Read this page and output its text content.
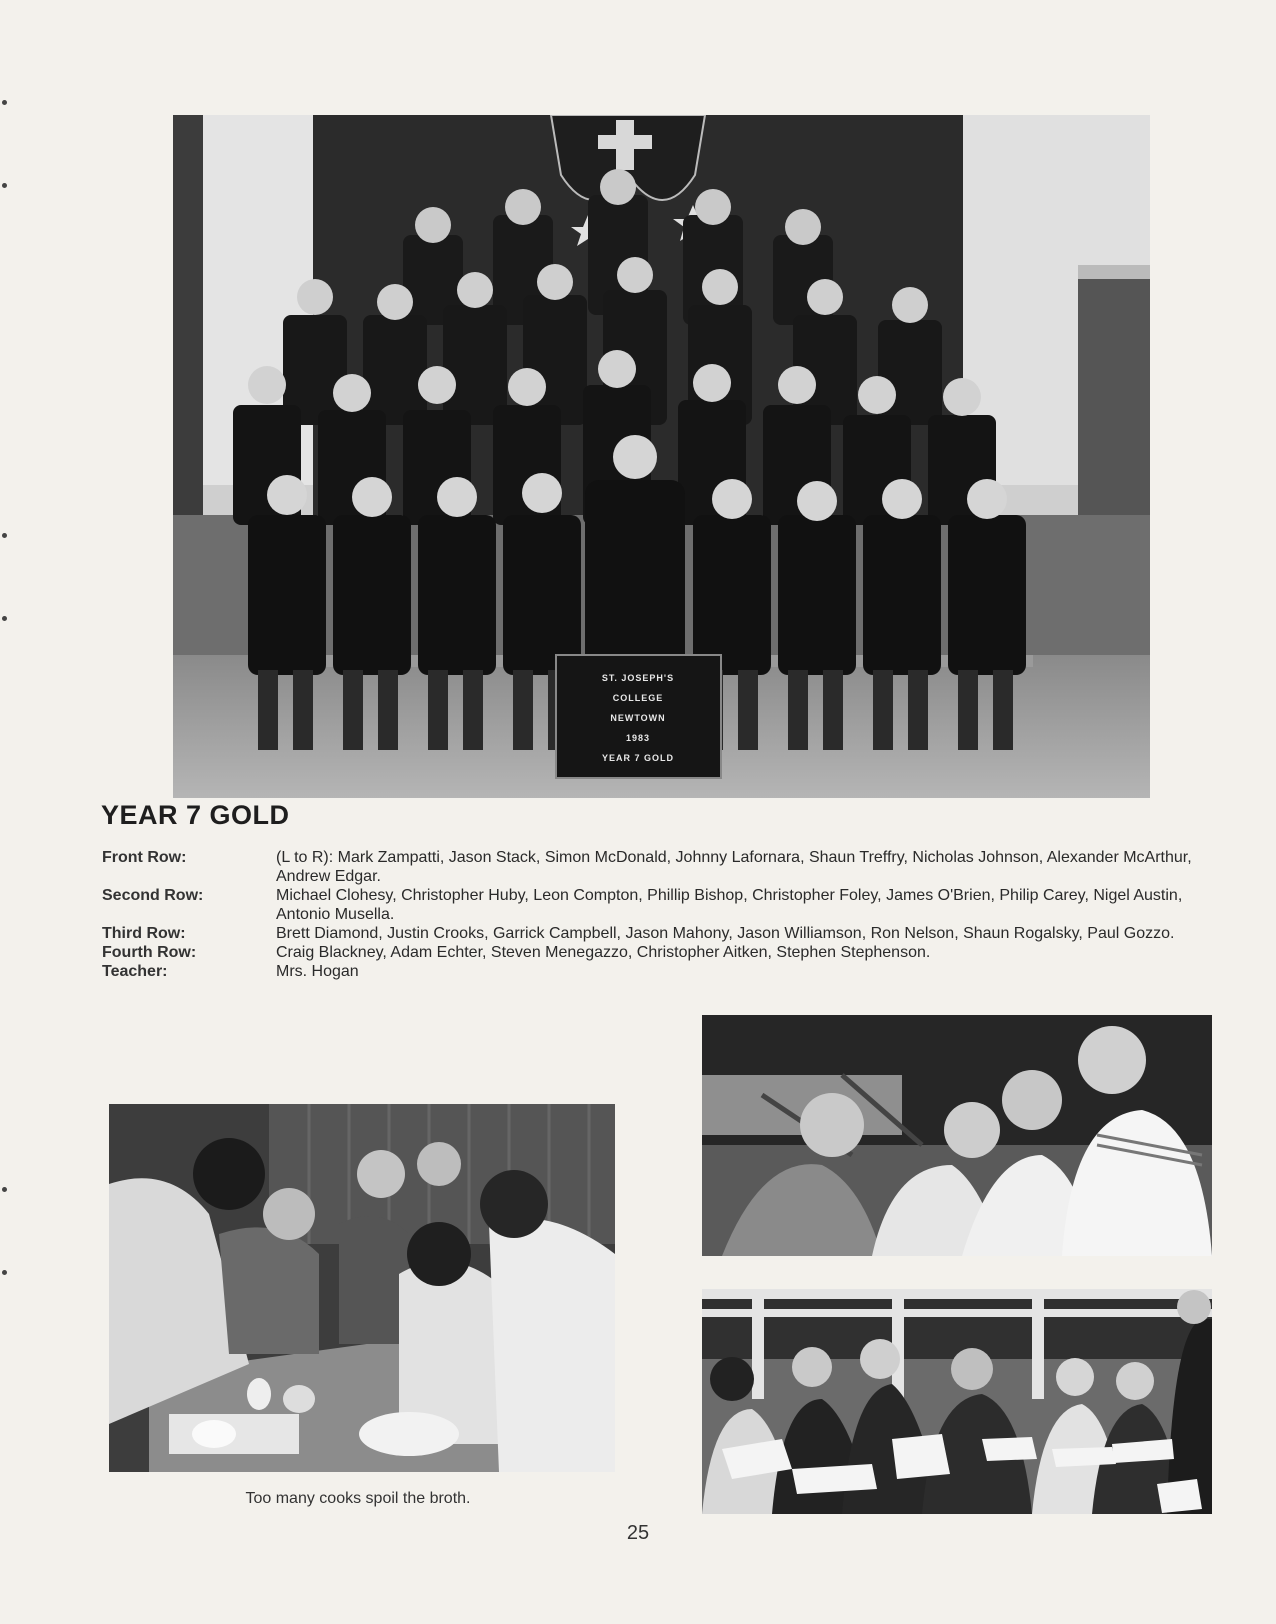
ST. JOSEPH'S
COLLEGE
NEWTOWN
1983
YEAR 7 GOLD
YEAR 7 GOLD
Front Row:	(L to R): Mark Zampatti, Jason Stack, Simon McDonald, Johnny Lafornara, Shaun Treffry, Nicholas Johnson, Alexander McArthur, Andrew Edgar.
Second Row:	Michael Clohesy, Christopher Huby, Leon Compton, Phillip Bishop, Christopher Foley, James O'Brien, Philip Carey, Nigel Austin, Antonio Musella.
Third Row:	Brett Diamond, Justin Crooks, Garrick Campbell, Jason Mahony, Jason Williamson, Ron Nelson, Shaun Rogalsky, Paul Gozzo.
Fourth Row:	Craig Blackney, Adam Echter, Steven Menegazzo, Christopher Aitken, Stephen Stephenson.
Teacher:	Mrs. Hogan
Too many cooks spoil the broth.
25
